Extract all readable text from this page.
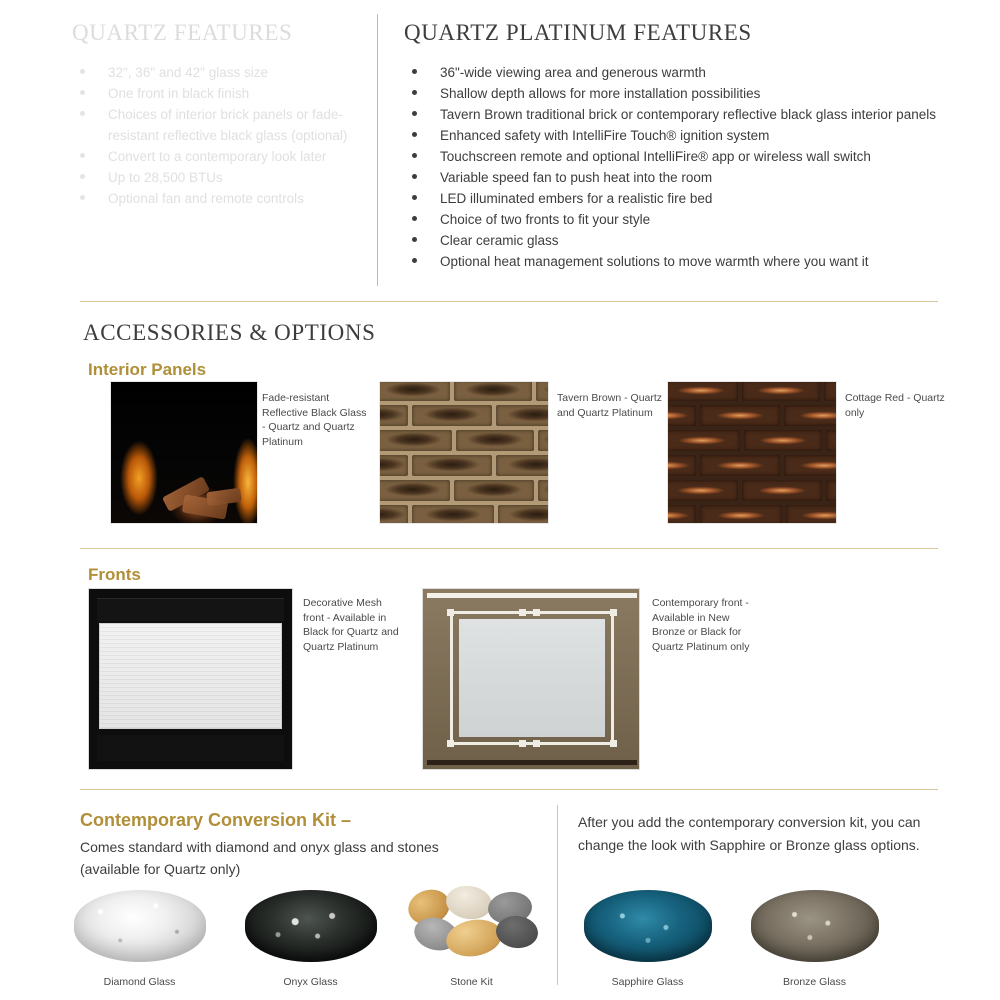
QUARTZ FEATURES
32", 36" and 42" glass size
One front in black finish
Choices of interior brick panels or fade-resistant reflective black glass (optional)
Convert to a contemporary look later
Up to 28,500 BTUs
Optional fan and remote controls
QUARTZ PLATINUM FEATURES
36"-wide viewing area and generous warmth
Shallow depth allows for more installation possibilities
Tavern Brown traditional brick or contemporary reflective black glass interior panels
Enhanced safety with IntelliFire Touch® ignition system
Touchscreen remote and optional IntelliFire® app or wireless wall switch
Variable speed fan to push heat into the room
LED illuminated embers for a realistic fire bed
Choice of two fronts to fit your style
Clear ceramic glass
Optional heat management solutions to move warmth where you want it
ACCESSORIES & OPTIONS
Interior Panels
Fade-resistant Reflective Black Glass - Quartz and Quartz Platinum
Tavern Brown - Quartz and Quartz Platinum
Cottage Red - Quartz only
Fronts
Decorative Mesh front - Available in Black for Quartz and Quartz Platinum
Contemporary front - Available in New Bronze or Black for Quartz Platinum only
Contemporary Conversion Kit –
Comes standard with diamond and onyx glass and stones
(available for Quartz only)
After you add the contemporary conversion kit, you can
change the look with Sapphire or Bronze glass options.
Diamond Glass	Onyx Glass	Stone Kit	Sapphire Glass	Bronze Glass
